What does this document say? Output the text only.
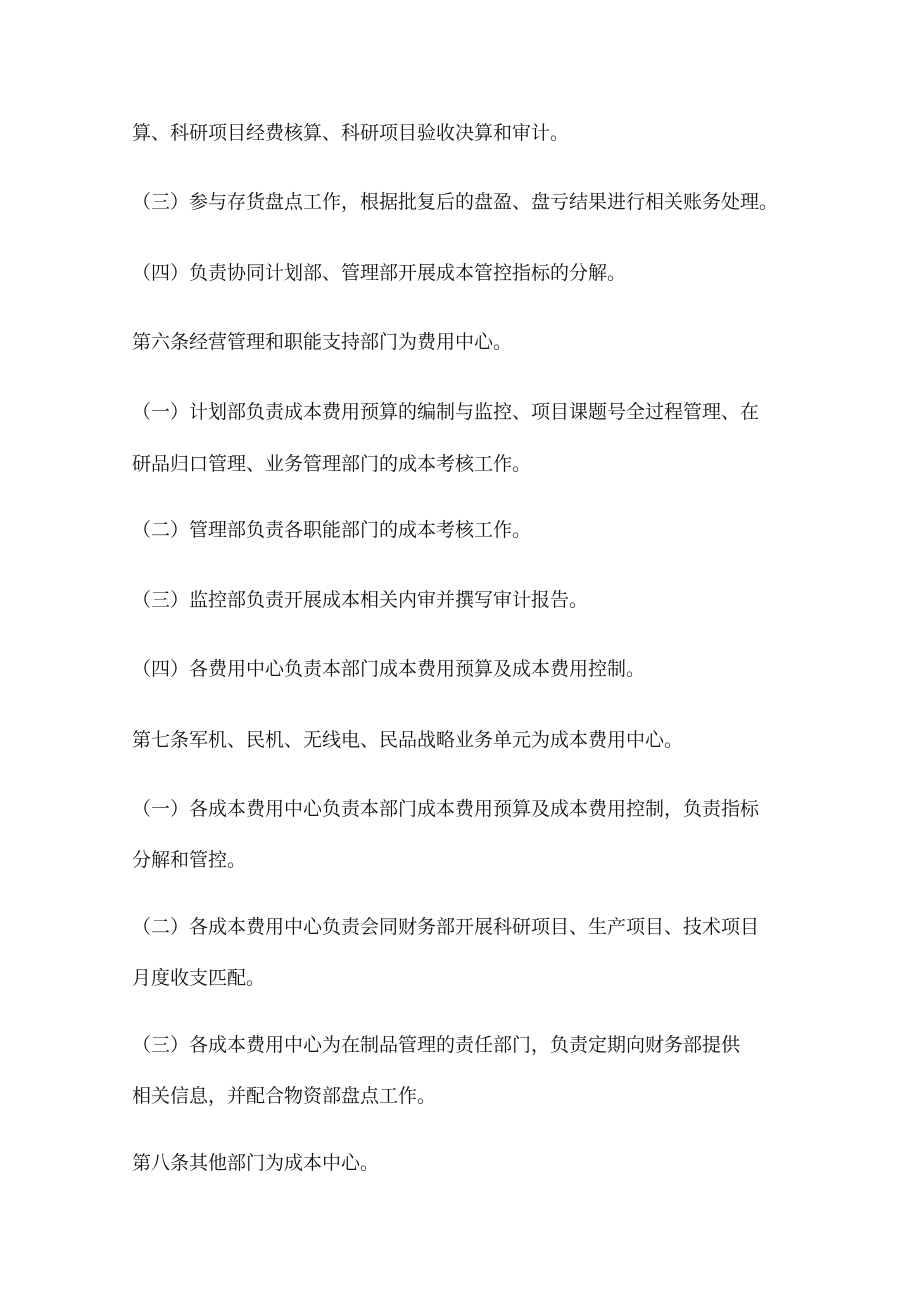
算、科研项目经费核算、科研项目验收决算和审计。
（三）参与存货盘点工作，根据批复后的盘盈、盘亏结果进行相关账务处理。
（四）负责协同计划部、管理部开展成本管控指标的分解。
第六条经营管理和职能支持部门为费用中心。
（一）计划部负责成本费用预算的编制与监控、项目课题号全过程管理、在
研品归口管理、业务管理部门的成本考核工作。
（二）管理部负责各职能部门的成本考核工作。
（三）监控部负责开展成本相关内审并撰写审计报告。
（四）各费用中心负责本部门成本费用预算及成本费用控制。
第七条军机、民机、无线电、民品战略业务单元为成本费用中心。
（一）各成本费用中心负责本部门成本费用预算及成本费用控制，负责指标
分解和管控。
（二）各成本费用中心负责会同财务部开展科研项目、生产项目、技术项目
月度收支匹配。
（三）各成本费用中心为在制品管理的责任部门，负责定期向财务部提供
相关信息，并配合物资部盘点工作。
第八条其他部门为成本中心。
